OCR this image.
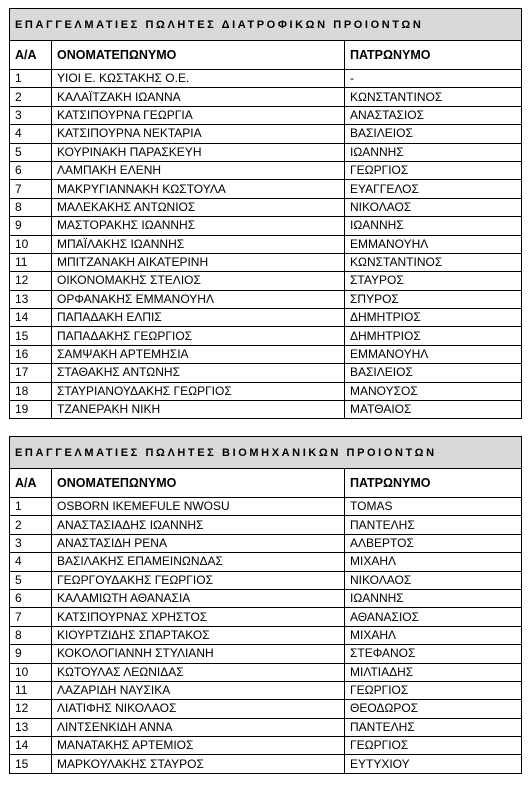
ΕΠΑΓΓΕΛΜΑΤΙΕΣ ΠΩΛΗΤΕΣ ΔΙΑΤΡΟΦΙΚΩΝ ΠΡΟΙΟΝΤΩΝ		
Α/Α	ΟΝΟΜΑΤΕΠΩΝΥΜΟ	ΠΑΤΡΩΝΥΜΟ
1	ΥΙΟΙ Ε. ΚΩΣΤΑΚΗΣ Ο.Ε.	-
2	ΚΑΛΑΪΤΖΑΚΗ ΙΩΑΝΝΑ	ΚΩΝΣΤΑΝΤΙΝΟΣ
3	ΚΑΤΣΙΠΟΥΡΝΑ ΓΕΩΡΓΙΑ	ΑΝΑΣΤΑΣΙΟΣ
4	ΚΑΤΣΙΠΟΥΡΝΑ ΝΕΚΤΑΡΙΑ	ΒΑΣΙΛΕΙΟΣ
5	ΚΟΥΡΙΝΑΚΗ ΠΑΡΑΣΚΕΥΗ	ΙΩΑΝΝΗΣ
6	ΛΑΜΠΑΚΗ ΕΛΕΝΗ	ΓΕΩΡΓΙΟΣ
7	ΜΑΚΡΥΓΙΑΝΝΑΚΗ ΚΩΣΤΟΥΛΑ	ΕΥΑΓΓΕΛΟΣ
8	ΜΑΛΕΚΑΚΗΣ ΑΝΤΩΝΙΟΣ	ΝΙΚΟΛΑΟΣ
9	ΜΑΣΤΟΡΑΚΗΣ ΙΩΑΝΝΗΣ	ΙΩΑΝΝΗΣ
10	ΜΠΑΪΛΑΚΗΣ ΙΩΑΝΝΗΣ	ΕΜΜΑΝΟΥΗΛ
11	ΜΠΙΤΖΑΝΑΚΗ ΑΙΚΑΤΕΡΙΝΗ	ΚΩΝΣΤΑΝΤΙΝΟΣ
12	ΟΙΚΟΝΟΜΑΚΗΣ ΣΤΕΛΙΟΣ	ΣΤΑΥΡΟΣ
13	ΟΡΦΑΝΑΚΗΣ ΕΜΜΑΝΟΥΗΛ	ΣΠΥΡΟΣ
14	ΠΑΠΑΔΑΚΗ ΕΛΠΙΣ	ΔΗΜΗΤΡΙΟΣ
15	ΠΑΠΑΔΑΚΗΣ ΓΕΩΡΓΙΟΣ	ΔΗΜΗΤΡΙΟΣ
16	ΣΑΜΨΑΚΗ ΑΡΤΕΜΗΣΙΑ	ΕΜΜΑΝΟΥΗΛ
17	ΣΤΑΘΑΚΗΣ ΑΝΤΩΝΗΣ	ΒΑΣΙΛΕΙΟΣ
18	ΣΤΑΥΡΙΑΝΟΥΔΑΚΗΣ ΓΕΩΡΓΙΟΣ	ΜΑΝΟΥΣΟΣ
19	ΤΖΑΝΕΡΑΚΗ ΝΙΚΗ	ΜΑΤΘΑΙΟΣ
ΕΠΑΓΓΕΛΜΑΤΙΕΣ ΠΩΛΗΤΕΣ ΒΙΟΜΗΧΑΝΙΚΩΝ ΠΡΟΙΟΝΤΩΝ		
Α/Α	ΟΝΟΜΑΤΕΠΩΝΥΜΟ	ΠΑΤΡΩΝΥΜΟ
1	OSBORN IKEMEFULE NWOSU	TOMAS
2	ΑΝΑΣΤΑΣΙΑΔΗΣ ΙΩΑΝΝΗΣ	ΠΑΝΤΕΛΗΣ
3	ΑΝΑΣΤΑΣΙΔΗ ΡΕΝΑ	ΑΛΒΕΡΤΟΣ
4	ΒΑΣΙΛΑΚΗΣ ΕΠΑΜΕΙΝΩΝΔΑΣ	ΜΙΧΑΗΛ
5	ΓΕΩΡΓΟΥΔΑΚΗΣ ΓΕΩΡΓΙΟΣ	ΝΙΚΟΛΑΟΣ
6	ΚΑΛΑΜΙΩΤΗ ΑΘΑΝΑΣΙΑ	ΙΩΑΝΝΗΣ
7	ΚΑΤΣΙΠΟΥΡΝΑΣ ΧΡΗΣΤΟΣ	ΑΘΑΝΑΣΙΟΣ
8	ΚΙΟΥΡΤΖΙΔΗΣ ΣΠΑΡΤΑΚΟΣ	ΜΙΧΑΗΛ
9	ΚΟΚΟΛΟΓΙΑΝΝΗ ΣΤΥΛΙΑΝΗ	ΣΤΕΦΑΝΟΣ
10	ΚΩΤΟΥΛΑΣ ΛΕΩΝΙΔΑΣ	ΜΙΛΤΙΑΔΗΣ
11	ΛΑΖΑΡΙΔΗ ΝΑΥΣΙΚΑ	ΓΕΩΡΓΙΟΣ
12	ΛΙΑΤΙΦΗΣ ΝΙΚΟΛΑΟΣ	ΘΕΟΔΩΡΟΣ
13	ΛΙΝΤΣΕΝΚΙΔΗ ΑΝΝΑ	ΠΑΝΤΕΛΗΣ
14	ΜΑΝΑΤΑΚΗΣ ΑΡΤΕΜΙΟΣ	ΓΕΩΡΓΙΟΣ
15	ΜΑΡΚΟΥΛΑΚΗΣ ΣΤΑΥΡΟΣ	ΕΥΤΥΧΙΟΥ
